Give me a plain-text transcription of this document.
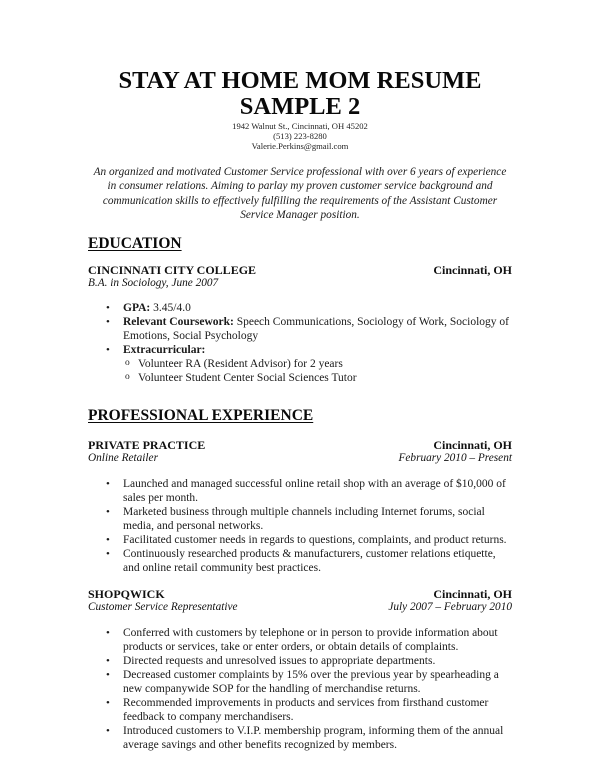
STAY AT HOME MOM RESUME SAMPLE 2
1942 Walnut St., Cincinnati, OH 45202
(513) 223-8280
Valerie.Perkins@gmail.com
An organized and motivated Customer Service professional with over 6 years of experience in consumer relations. Aiming to parlay my proven customer service background and communication skills to effectively fulfilling the requirements of the Assistant Customer Service Manager position.
EDUCATION
CINCINNATI CITY COLLEGE	Cincinnati, OH
B.A. in Sociology, June 2007
• GPA: 3.45/4.0
• Relevant Coursework: Speech Communications, Sociology of Work, Sociology of Emotions, Social Psychology
• Extracurricular:
o Volunteer RA (Resident Advisor) for 2 years
o Volunteer Student Center Social Sciences Tutor
PROFESSIONAL EXPERIENCE
PRIVATE PRACTICE	Cincinnati, OH
Online Retailer	February 2010 – Present
• Launched and managed successful online retail shop with an average of $10,000 of sales per month.
• Marketed business through multiple channels including Internet forums, social media, and personal networks.
• Facilitated customer needs in regards to questions, complaints, and product returns.
• Continuously researched products & manufacturers, customer relations etiquette, and online retail community best practices.
SHOPQWICK	Cincinnati, OH
Customer Service Representative	July 2007 – February 2010
• Conferred with customers by telephone or in person to provide information about products or services, take or enter orders, or obtain details of complaints.
• Directed requests and unresolved issues to appropriate departments.
• Decreased customer complaints by 15% over the previous year by spearheading a new companywide SOP for the handling of merchandise returns.
• Recommended improvements in products and services from firsthand customer feedback to company merchandisers.
• Introduced customers to V.I.P. membership program, informing them of the annual average savings and other benefits recognized by members.
